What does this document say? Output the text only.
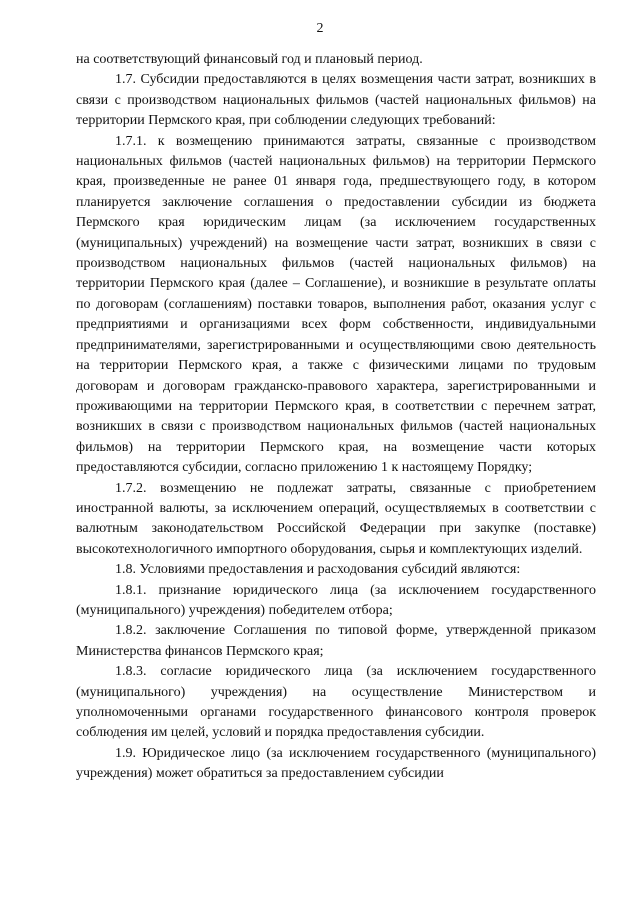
2

на соответствующий финансовый год и плановый период.

1.7. Субсидии предоставляются в целях возмещения части затрат, возникших в связи с производством национальных фильмов (частей национальных фильмов) на территории Пермского края, при соблюдении следующих требований:

1.7.1. к возмещению принимаются затраты, связанные с производством национальных фильмов (частей национальных фильмов) на территории Пермского края, произведенные не ранее 01 января года, предшествующего году, в котором планируется заключение соглашения о предоставлении субсидии из бюджета Пермского края юридическим лицам (за исключением государственных (муниципальных) учреждений) на возмещение части затрат, возникших в связи с производством национальных фильмов (частей национальных фильмов) на территории Пермского края (далее – Соглашение), и возникшие в результате оплаты по договорам (соглашениям) поставки товаров, выполнения работ, оказания услуг с предприятиями и организациями всех форм собственности, индивидуальными предпринимателями, зарегистрированными и осуществляющими свою деятельность на территории Пермского края, а также с физическими лицами по трудовым договорам и договорам гражданско-правового характера, зарегистрированными и проживающими на территории Пермского края, в соответствии с перечнем затрат, возникших в связи с производством национальных фильмов (частей национальных фильмов) на территории Пермского края, на возмещение части которых предоставляются субсидии, согласно приложению 1 к настоящему Порядку;

1.7.2. возмещению не подлежат затраты, связанные с приобретением иностранной валюты, за исключением операций, осуществляемых в соответствии с валютным законодательством Российской Федерации при закупке (поставке) высокотехнологичного импортного оборудования, сырья и комплектующих изделий.

1.8. Условиями предоставления и расходования субсидий являются:

1.8.1. признание юридического лица (за исключением государственного (муниципального) учреждения) победителем отбора;

1.8.2. заключение Соглашения по типовой форме, утвержденной приказом Министерства финансов Пермского края;

1.8.3. согласие юридического лица (за исключением государственного (муниципального) учреждения) на осуществление Министерством и уполномоченными органами государственного финансового контроля проверок соблюдения им целей, условий и порядка предоставления субсидии.

1.9. Юридическое лицо (за исключением государственного (муниципального) учреждения) может обратиться за предоставлением субсидии
